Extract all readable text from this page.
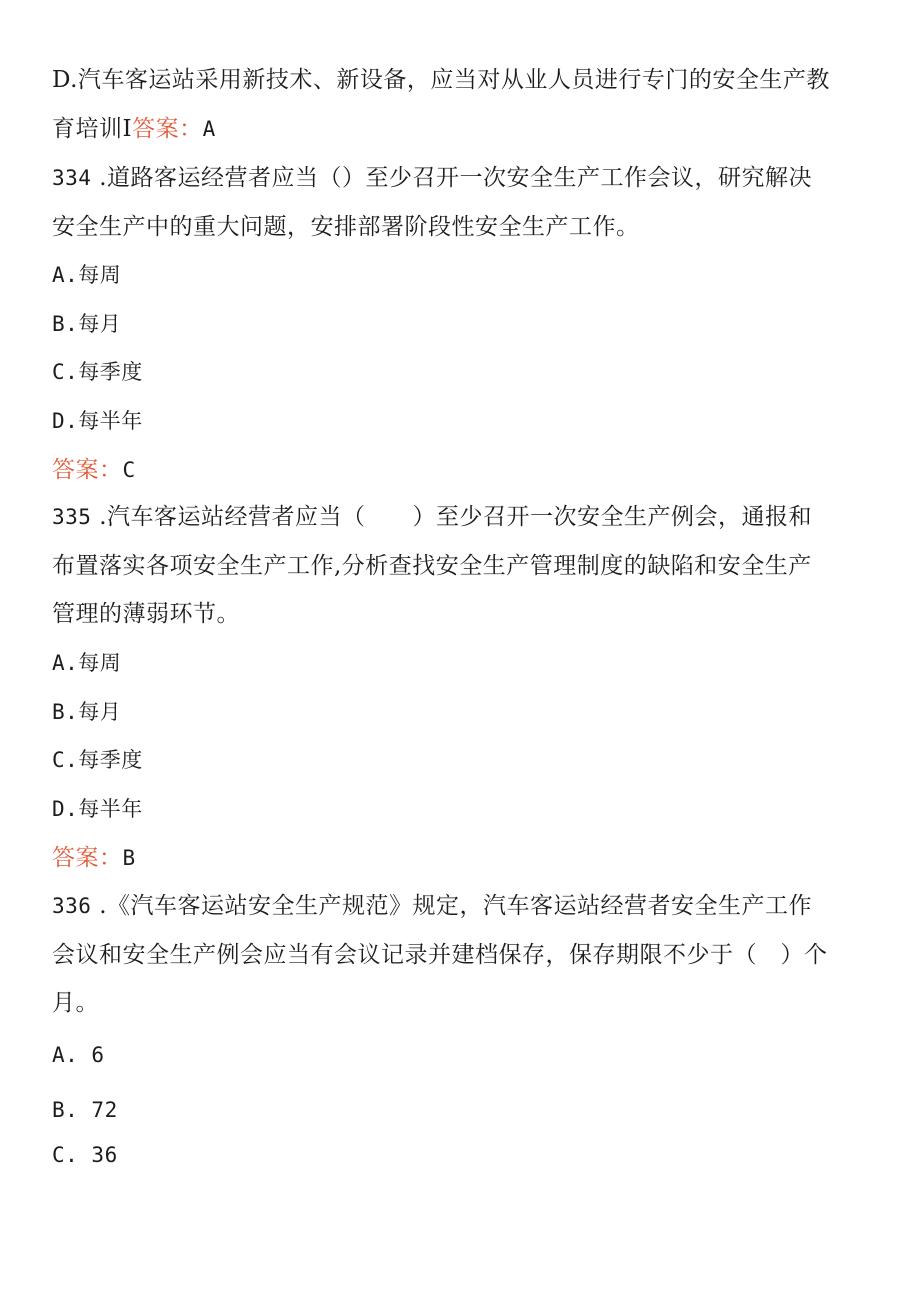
D.汽车客运站采用新技术、新设备，应当对从业人员进行专门的安全生产教
育培训I答案：A
334 .道路客运经营者应当（）至少召开一次安全生产工作会议，研究解决
安全生产中的重大问题，安排部署阶段性安全生产工作。
A.每周
B.每月
C.每季度
D.每半年
答案：C
335 .汽车客运站经营者应当（　　）至少召开一次安全生产例会，通报和
布置落实各项安全生产工作,分析查找安全生产管理制度的缺陷和安全生产
管理的薄弱环节。
A.每周
B.每月
C.每季度
D.每半年
答案：B
336 .《汽车客运站安全生产规范》规定，汽车客运站经营者安全生产工作
会议和安全生产例会应当有会议记录并建档保存，保存期限不少于（　）个
月。
A. 6
B. 72
C. 36
